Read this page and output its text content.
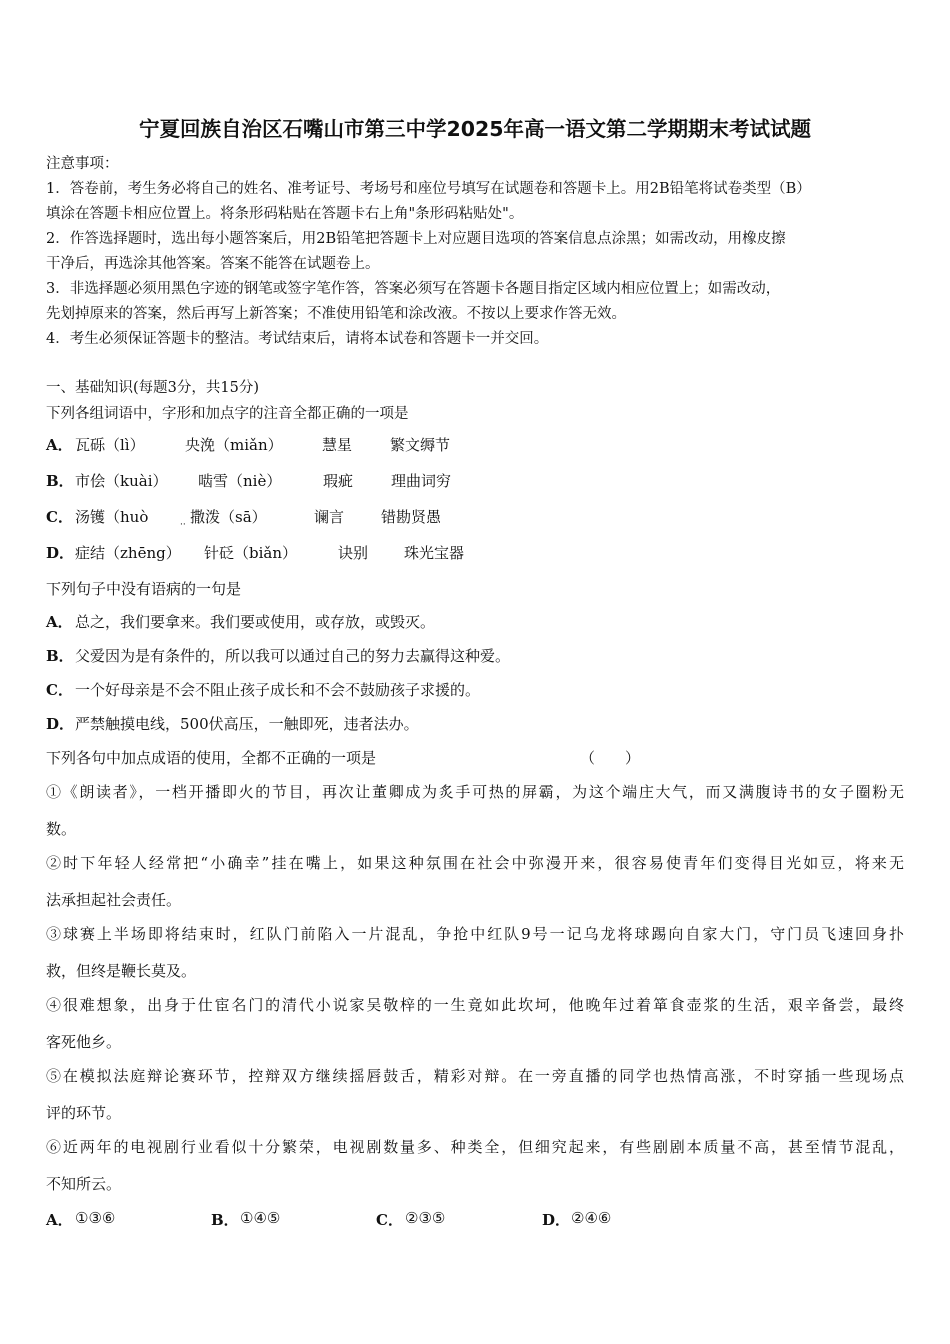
宁夏回族自治区石嘴山市第三中学2025年高一语文第二学期期末考试试题
注意事项：
1．答卷前，考生务必将自己的姓名、准考证号、考场号和座位号填写在试题卷和答题卡上。用2B铅笔将试卷类型（B）
填涂在答题卡相应位置上。将条形码粘贴在答题卡右上角"条形码粘贴处"。
2．作答选择题时，选出每小题答案后，用2B铅笔把答题卡上对应题目选项的答案信息点涂黑；如需改动，用橡皮擦
干净后，再选涂其他答案。答案不能答在试题卷上。
3．非选择题必须用黑色字迹的钢笔或签字笔作答，答案必须写在答题卡各题目指定区域内相应位置上；如需改动，
先划掉原来的答案，然后再写上新答案；不准使用铅笔和涂改液。不按以上要求作答无效。
4．考生必须保证答题卡的整洁。考试结束后，请将本试卷和答题卡一并交回。
一、基础知识(每题3分，共15分)
下列各组词语中，字形和加点字的注音全都正确的一项是
A． 瓦砾（lì）	央浼（miǎn）	慧星	繁文缛节
B． 市侩（kuài） 啮雪（niè）	瑕疵	理曲词穷
C． 汤镬（huò	撒泼（sā）	谰言 错勘贤愚
··
D． 症结（zhēng） 针砭（biǎn）	诀别 珠光宝器
下列句子中没有语病的一句是
A． 总之，我们要拿来。我们要或使用，或存放，或毁灭。
B． 父爱因为是有条件的，所以我可以通过自己的努力去赢得这种爱。
C． 一个好母亲是不会不阻止孩子成长和不会不鼓励孩子求援的。
D． 严禁触摸电线，500伏高压，一触即死，违者法办。
下列各句中加点成语的使用，全都不正确的一项是	（　　）
①《朗读者》，一档开播即火的节目，再次让董卿成为炙手可热的屏霸，为这个端庄大气，而又满腹诗书的女子圈粉无
数。
②时下年轻人经常把“小确幸”挂在嘴上，如果这种氛围在社会中弥漫开来，很容易使青年们变得目光如豆，将来无
法承担起社会责任。
③球赛上半场即将结束时，红队门前陷入一片混乱，争抢中红队9号一记乌龙将球踢向自家大门，守门员飞速回身扑
救，但终是鞭长莫及。
④很难想象，出身于仕宦名门的清代小说家吴敬梓的一生竟如此坎坷，他晚年过着箪食壶浆的生活，艰辛备尝，最终
客死他乡。
⑤在模拟法庭辩论赛环节，控辩双方继续摇唇鼓舌，精彩对辩。在一旁直播的同学也热情高涨，不时穿插一些现场点
评的环节。
⑥近两年的电视剧行业看似十分繁荣，电视剧数量多、种类全，但细究起来，有些剧剧本质量不高，甚至情节混乱，
不知所云。
A． ①③⑥	B． ①④⑤	C． ②③⑤	D． ②④⑥
